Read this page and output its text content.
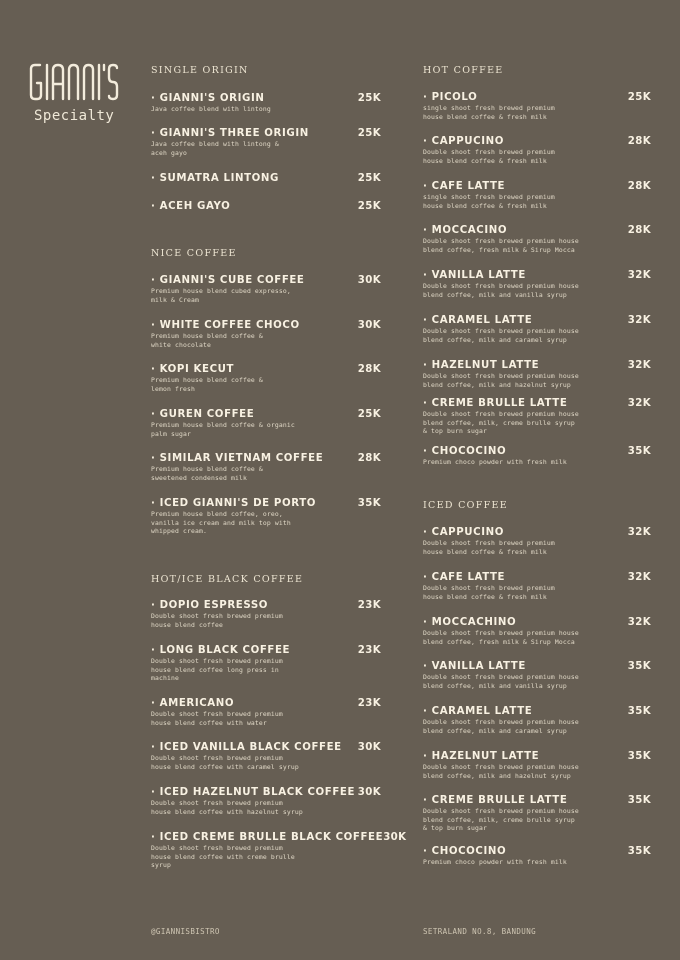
Specialty
SINGLE ORIGIN
· GIANNI'S ORIGIN	25K
Java coffee blend with lintong
· GIANNI'S THREE ORIGIN	25K
Java coffee blend with lintong &
aceh gayo
· SUMATRA LINTONG	25K
· ACEH GAYO	25K
NICE COFFEE
· GIANNI'S CUBE COFFEE	30K
Premium house blend cubed expresso,
milk & Cream
· WHITE COFFEE CHOCO	30K
Premium house blend coffee &
white chocolate
· KOPI KECUT	28K
Premium house blend coffee &
lemon fresh
· GUREN COFFEE	25K
Premium house blend coffee & organic
palm sugar
· SIMILAR VIETNAM COFFEE	28K
Premium house blend coffee &
sweetened condensed milk
· ICED GIANNI'S DE PORTO	35K
Premium house blend coffee, oreo,
vanilla ice cream and milk top with
whipped cream.
HOT/ICE BLACK COFFEE
· DOPIO ESPRESSO	23K
Double shoot fresh brewed premium
house blend coffee
· LONG BLACK COFFEE	23K
Double shoot fresh brewed premium
house blend coffee long press in
machine
· AMERICANO	23K
Double shoot fresh brewed premium
house blend coffee with water
· ICED VANILLA BLACK COFFEE 30K
Double shoot fresh brewed premium
house blend coffee with caramel syrup
· ICED HAZELNUT BLACK COFFEE 30K
Double shoot fresh brewed premium
house blend coffee with hazelnut syrup
· ICED CREME BRULLE BLACK COFFEE 30K
Double shoot fresh brewed premium
house blend coffee with creme brulle
syrup
@GIANNISBISTRO
HOT COFFEE
· PICOLO	25K
single shoot fresh brewed premium
house blend coffee & fresh milk
· CAPPUCINO	28K
Double shoot fresh brewed premium
house blend coffee & fresh milk
· CAFE LATTE	28K
single shoot fresh brewed premium
house blend coffee & fresh milk
· MOCCACINO	28K
Double shoot fresh brewed premium house
blend coffee, fresh milk & Sirup Mocca
· VANILLA LATTE	32K
Double shoot fresh brewed premium house
blend coffee, milk and vanilla syrup
· CARAMEL LATTE	32K
Double shoot fresh brewed premium house
blend coffee, milk and caramel syrup
· HAZELNUT LATTE	32K
Double shoot fresh brewed premium house
blend coffee, milk and hazelnut syrup
· CREME BRULLE LATTE	32K
Double shoot fresh brewed premium house
blend coffee, milk, creme brulle syrup
& top burn sugar
· CHOCOCINO	35K
Premium choco powder with fresh milk
ICED COFFEE
· CAPPUCINO	32K
Double shoot fresh brewed premium
house blend coffee & fresh milk
· CAFE LATTE	32K
Double shoot fresh brewed premium
house blend coffee & fresh milk
· MOCCACHINO	32K
Double shoot fresh brewed premium house
blend coffee, fresh milk & Sirup Mocca
· VANILLA LATTE	35K
Double shoot fresh brewed premium house
blend coffee, milk and vanilla syrup
· CARAMEL LATTE	35K
Double shoot fresh brewed premium house
blend coffee, milk and caramel syrup
· HAZELNUT LATTE	35K
Double shoot fresh brewed premium house
blend coffee, milk and hazelnut syrup
· CREME BRULLE LATTE	35K
Double shoot fresh brewed premium house
blend coffee, milk, creme brulle syrup
& top burn sugar
· CHOCOCINO	35K
Premium choco powder with fresh milk
SETRALAND NO.8, BANDUNG
